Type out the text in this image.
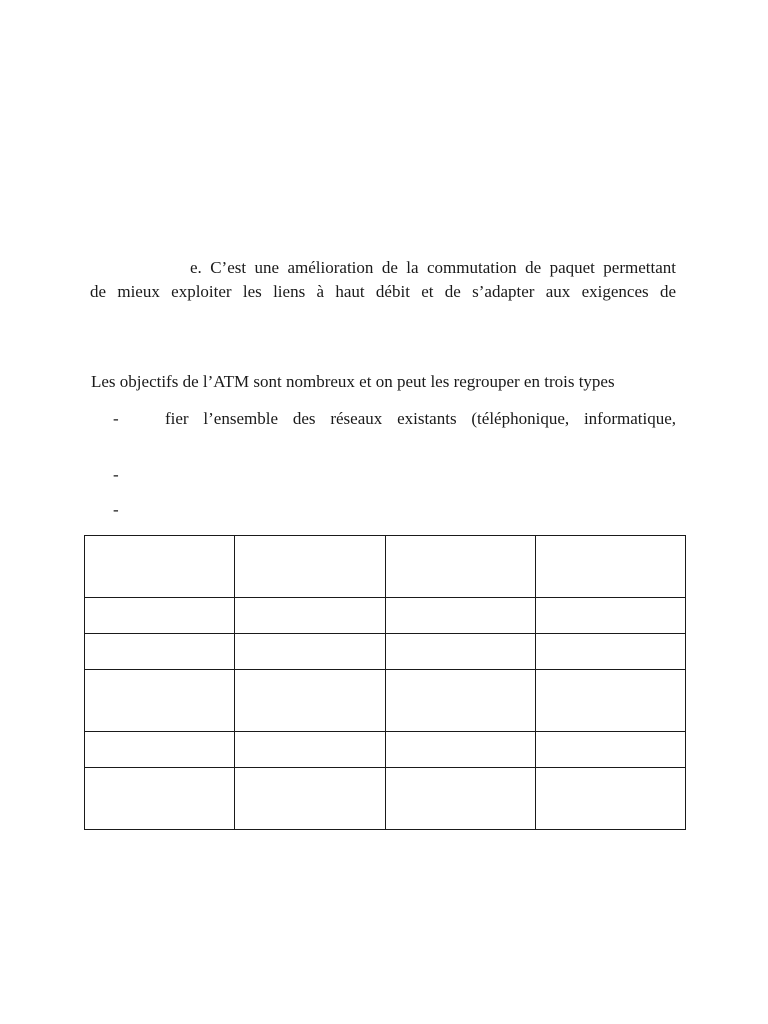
e. C’est une amélioration de la commutation de paquet permettant
de mieux exploiter les liens à haut débit et de s’adapter aux exigences de
Les objectifs de l’ATM sont nombreux et on peut les regrouper en trois types
-	fier l’ensemble des réseaux existants (téléphonique, informatique,
-
-
